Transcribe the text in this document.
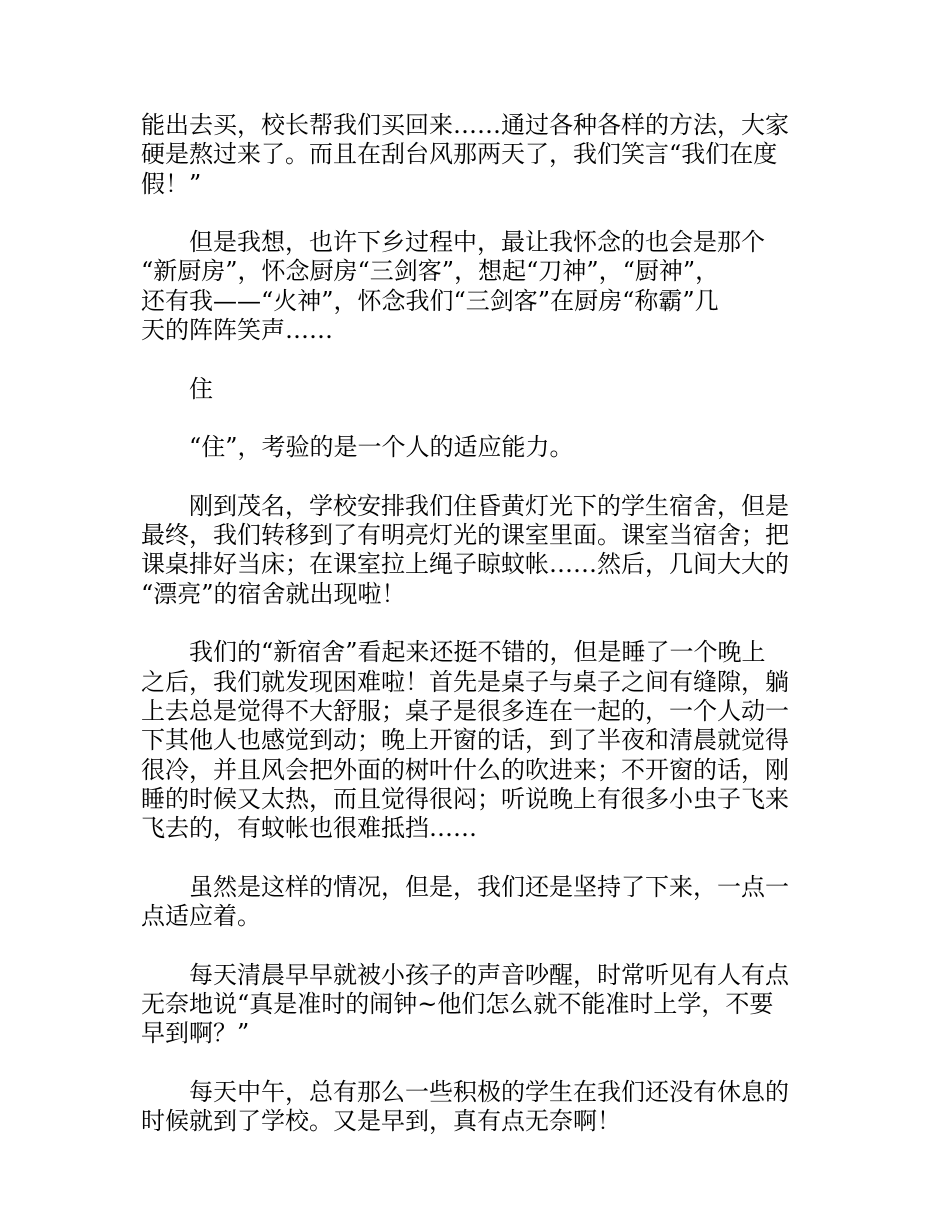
能出去买，校长帮我们买回来……通过各种各样的方法，大家
硬是熬过来了。而且在刮台风那两天了，我们笑言“我们在度
假！”

但是我想，也许下乡过程中，最让我怀念的也会是那个
“新厨房”，怀念厨房“三剑客”，想起“刀神”，“厨神”，
还有我——“火神”，怀念我们“三剑客”在厨房“称霸”几
天的阵阵笑声……

住

“住”，考验的是一个人的适应能力。

刚到茂名，学校安排我们住昏黄灯光下的学生宿舍，但是
最终，我们转移到了有明亮灯光的课室里面。课室当宿舍；把
课桌排好当床；在课室拉上绳子晾蚊帐……然后，几间大大的
“漂亮”的宿舍就出现啦！

我们的“新宿舍”看起来还挺不错的，但是睡了一个晚上
之后，我们就发现困难啦！首先是桌子与桌子之间有缝隙，躺
上去总是觉得不大舒服；桌子是很多连在一起的，一个人动一
下其他人也感觉到动；晚上开窗的话，到了半夜和清晨就觉得
很冷，并且风会把外面的树叶什么的吹进来；不开窗的话，刚
睡的时候又太热，而且觉得很闷；听说晚上有很多小虫子飞来
飞去的，有蚊帐也很难抵挡……

虽然是这样的情况，但是，我们还是坚持了下来，一点一
点适应着。

每天清晨早早就被小孩子的声音吵醒，时常听见有人有点
无奈地说“真是准时的闹钟~他们怎么就不能准时上学，不要
早到啊？”

每天中午，总有那么一些积极的学生在我们还没有休息的
时候就到了学校。又是早到，真有点无奈啊！
